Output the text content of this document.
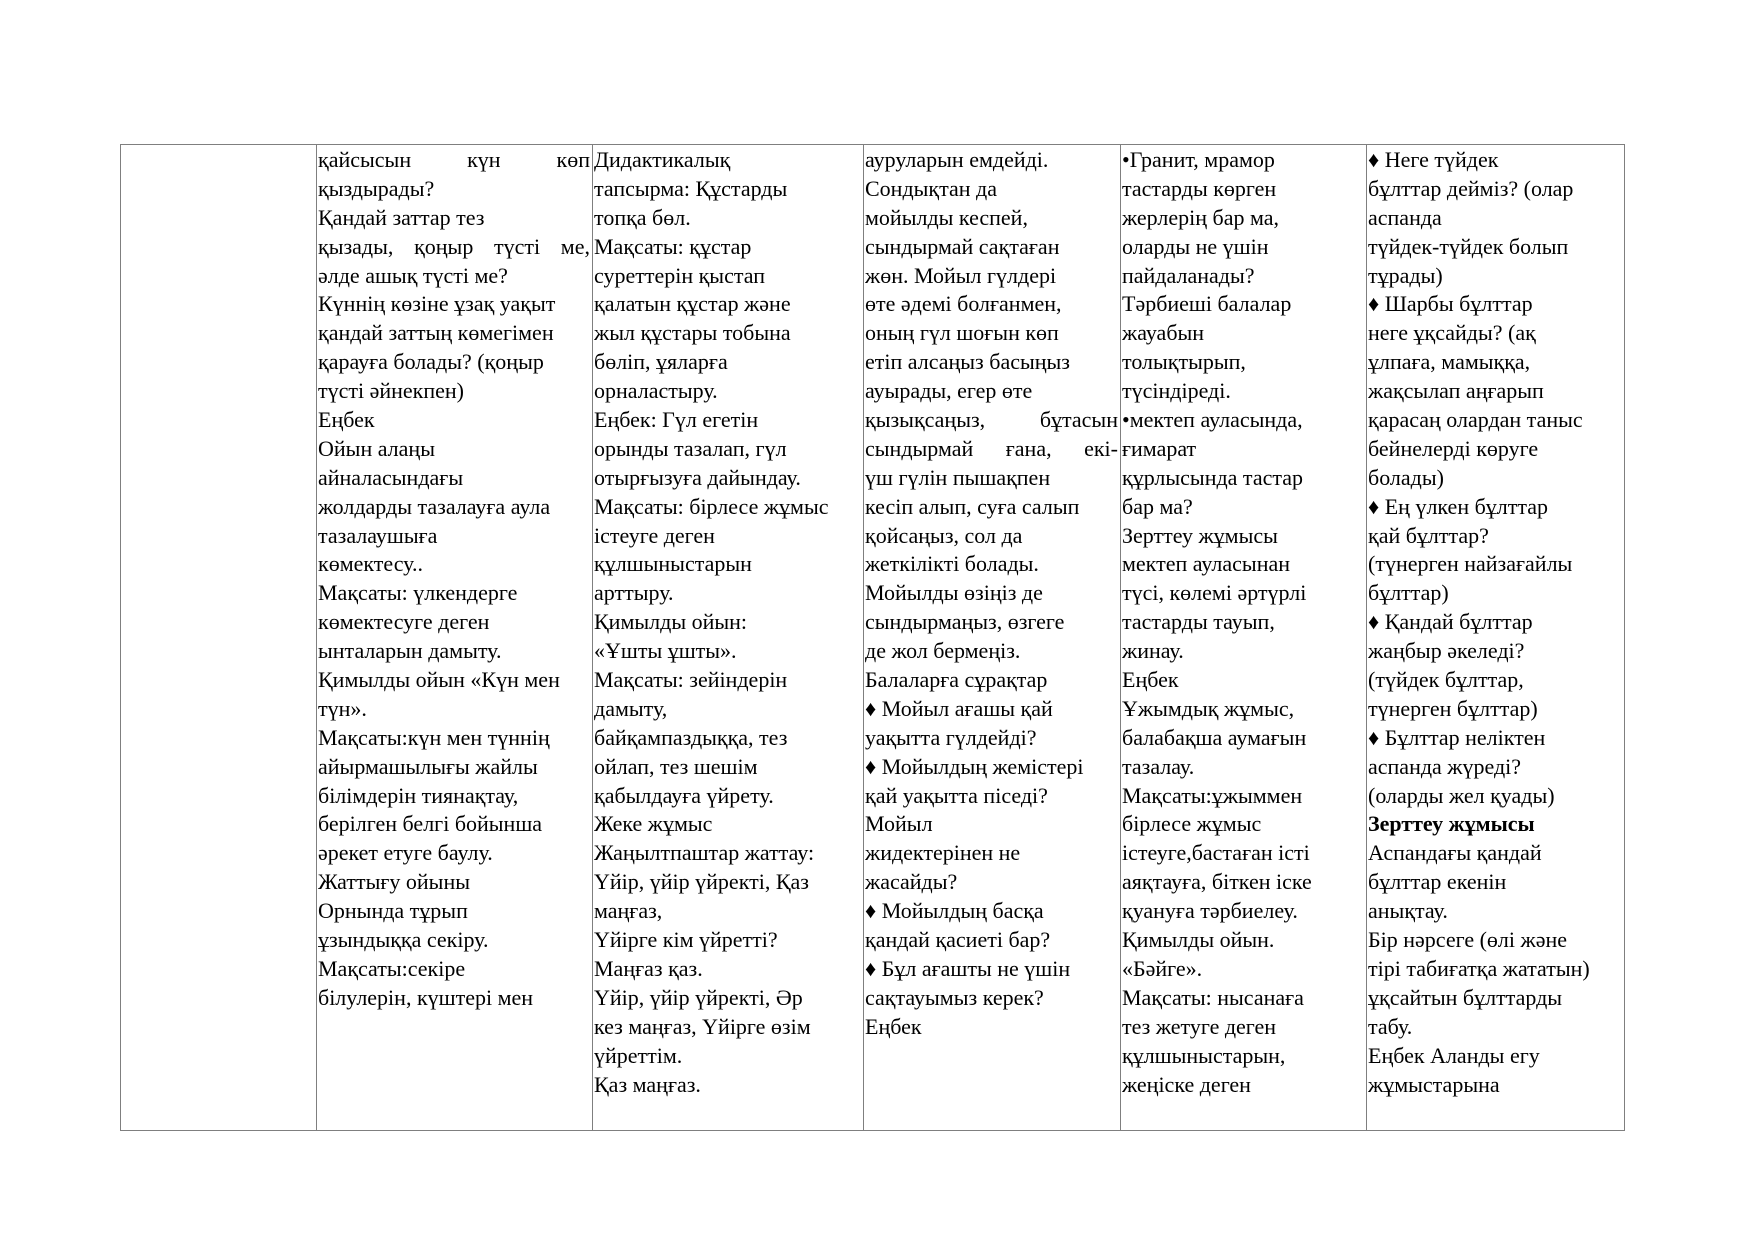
қайсысын күн көп
қыздырады?
Қандай заттар тез
қызады, қоңыр түсті ме,
әлде ашық түсті ме?
Күннің көзіне ұзақ уақыт
қандай заттың көмегімен
қарауға болады? (қоңыр
түсті әйнекпен)
Еңбек
Ойын алаңы
айналасындағы
жолдарды тазалауға аула
тазалаушыға
көмектесу..
Мақсаты: үлкендерге
көмектесуге деген
ынталарын дамыту.
Қимылды ойын «Күн мен
түн».
Мақсаты:күн мен түннің
айырмашылығы жайлы
білімдерін тиянақтау,
берілген белгі бойынша
әрекет етуге баулу.
Жаттығу ойыны
Орнында тұрып
ұзындыққа секіру.
Мақсаты:секіре
білулерін, күштері мен
Дидактикалық
тапсырма: Құстарды
топқа бөл.
Мақсаты: құстар
суреттерін қыстап
қалатын құстар және
жыл құстары тобына
бөліп, ұяларға
орналастыру.
Еңбек: Гүл егетін
орынды тазалап, гүл
отырғызуға дайындау.
Мақсаты: бірлесе жұмыс
істеуге деген
құлшыныстарын
арттыру.
Қимылды ойын:
«Ұшты ұшты».
Мақсаты: зейіндерін
дамыту,
байқампаздыққа, тез
ойлап, тез шешім
қабылдауға үйрету.
Жеке жұмыс
Жаңылтпаштар жаттау:
Үйір, үйір үйректі, Қаз
маңғаз,
Үйірге кім үйретті?
Маңғаз қаз.
Үйір, үйір үйректі, Әр
кез маңғаз, Үйірге өзім
үйреттім.
Қаз маңғаз.
ауруларын емдейді.
Сондықтан да
мойылды кеспей,
сындырмай сақтаған
жөн. Мойыл гүлдері
өте әдемі болғанмен,
оның гүл шоғын көп
етіп алсаңыз басыңыз
ауырады, егер өте
қызықсаңыз, бұтасын
сындырмай ғана, екі-
үш гүлін пышақпен
кесіп алып, суға салып
қойсаңыз, сол да
жеткілікті болады.
Мойылды өзіңіз де
сындырмаңыз, өзгеге
де жол бермеңіз.
Балаларға сұрақтар
♦ Мойыл ағашы қай
уақытта гүлдейді?
♦ Мойылдың жемістері
қай уақытта піседі?
Мойыл
жидектерінен не
жасайды?
♦ Мойылдың басқа
қандай қасиеті бар?
♦ Бұл ағашты не үшін
сақтауымыз керек?
Еңбек
•Гранит, мрамор
тастарды көрген
жерлерің бар ма,
оларды не үшін
пайдаланады?
Тәрбиеші балалар
жауабын
толықтырып,
түсіндіреді.
•мектеп ауласында,
ғимарат
құрлысында тастар
бар ма?
Зерттеу жұмысы
мектеп ауласынан
түсі, көлемі әртүрлі
тастарды тауып,
жинау.
Еңбек
Ұжымдық жұмыс,
балабақша аумағын
тазалау.
Мақсаты:ұжыммен
бірлесе жұмыс
істеуге,бастаған істі
аяқтауға, біткен іске
қуануға тәрбиелеу.
Қимылды ойын.
«Бәйге».
Мақсаты: нысанаға
тез жетуге деген
құлшыныстарын,
жеңіске деген
♦ Неге түйдек
бұлттар дейміз? (олар
аспанда
түйдек-түйдек болып
тұрады)
♦ Шарбы бұлттар
неге ұқсайды? (ақ
ұлпаға, мамыққа,
жақсылап аңғарып
қарасаң олардан таныс
бейнелерді көруге
болады)
♦ Ең үлкен бұлттар
қай бұлттар?
(түнерген найзағайлы
бұлттар)
♦ Қандай бұлттар
жаңбыр әкеледі?
(түйдек бұлттар,
түнерген бұлттар)
♦ Бұлттар неліктен
аспанда жүреді?
(оларды жел қуады)
Зерттеу жұмысы
Аспандағы қандай
бұлттар екенін
анықтау.
Бір нәрсеге (өлі және
тірі табиғатқа жататын)
ұқсайтын бұлттарды
табу.
Еңбек Аланды егу
жұмыстарына
